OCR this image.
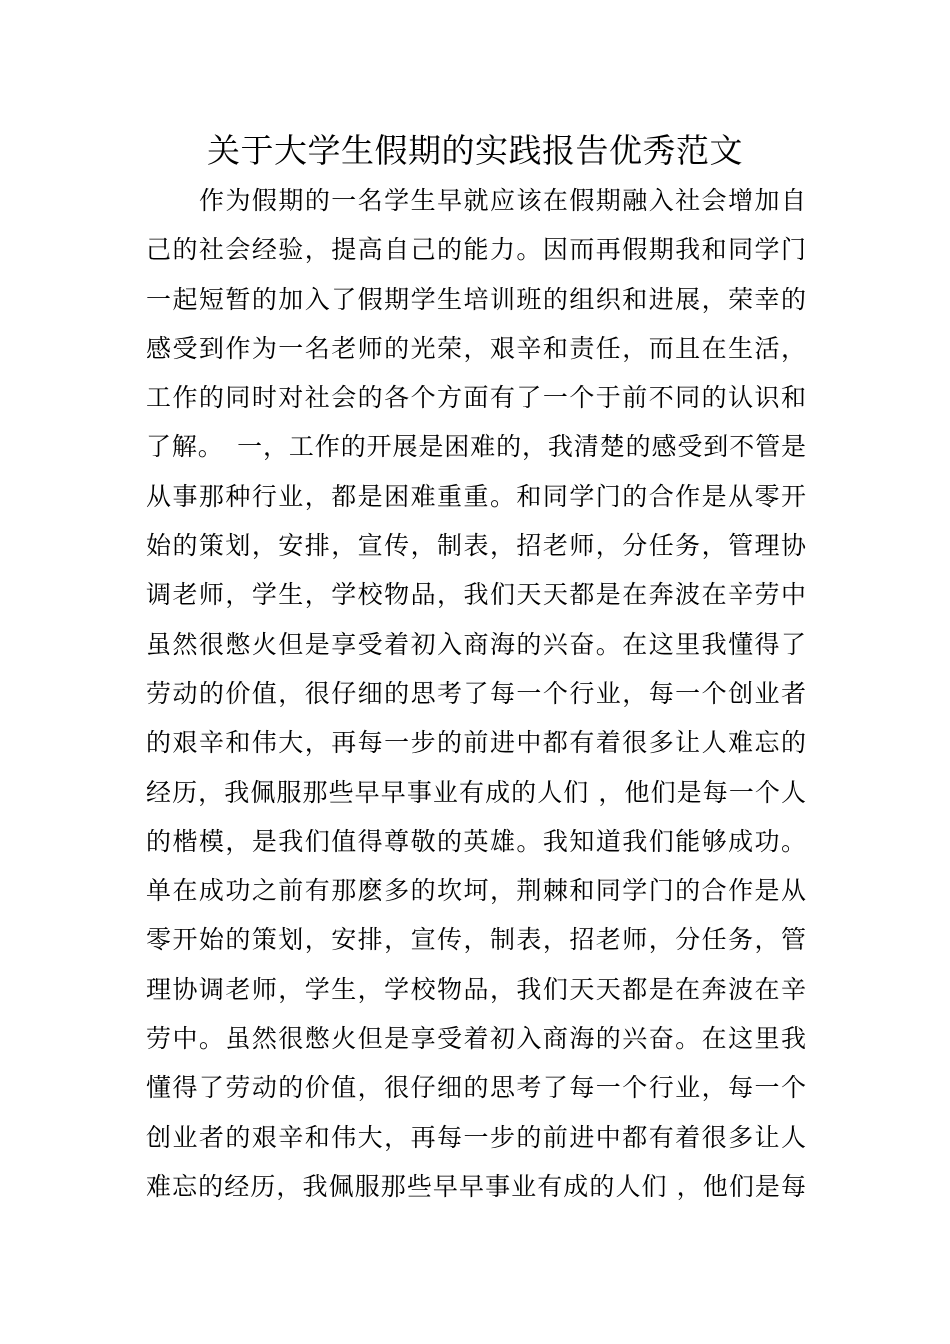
关于大学生假期的实践报告优秀范文
作为假期的一名学生早就应该在假期融入社会增加自
己的社会经验，提高自己的能力。因而再假期我和同学门
一起短暂的加入了假期学生培训班的组织和进展，荣幸的
感受到作为一名老师的光荣，艰辛和责任，而且在生活，
工作的同时对社会的各个方面有了一个于前不同的认识和
了解。　一，工作的开展是困难的，我清楚的感受到不管是
从事那种行业，都是困难重重。和同学门的合作是从零开
始的策划，安排，宣传，制表，招老师，分任务，管理协
调老师，学生，学校物品，我们天天都是在奔波在辛劳中
虽然很憋火但是享受着初入商海的兴奋。在这里我懂得了
劳动的价值，很仔细的思考了每一个行业，每一个创业者
的艰辛和伟大，再每一步的前进中都有着很多让人难忘的
经历，我佩服那些早早事业有成的人们 ，他们是每一个人
的楷模，是我们值得尊敬的英雄。我知道我们能够成功。
单在成功之前有那麽多的坎坷，荆棘和同学门的合作是从
零开始的策划，安排，宣传，制表，招老师，分任务，管
理协调老师，学生，学校物品，我们天天都是在奔波在辛
劳中。虽然很憋火但是享受着初入商海的兴奋。在这里我
懂得了劳动的价值，很仔细的思考了每一个行业，每一个
创业者的艰辛和伟大，再每一步的前进中都有着很多让人
难忘的经历，我佩服那些早早事业有成的人们 ，他们是每
